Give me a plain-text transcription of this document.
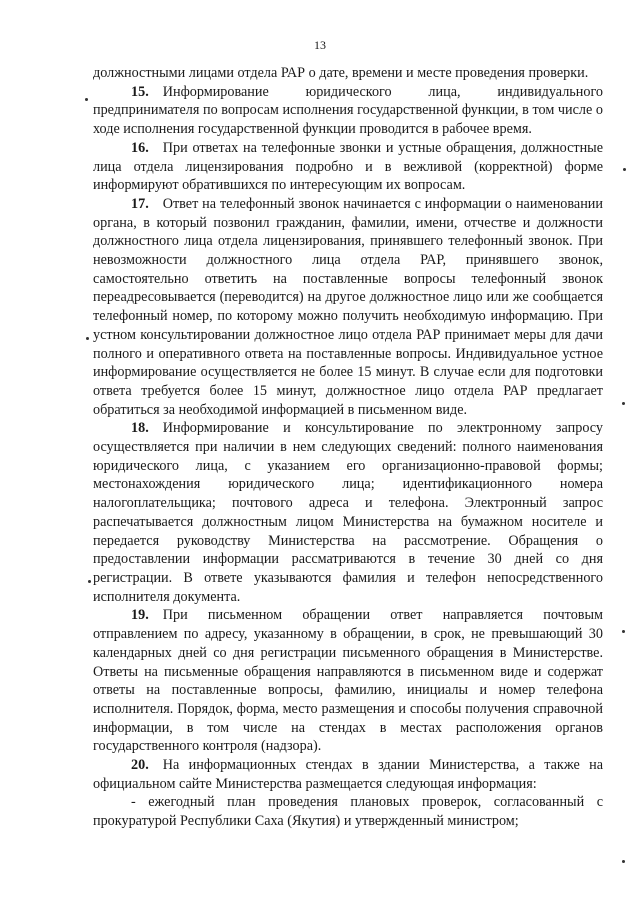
13

должностными лицами отдела РАР о дате, времени и месте проведения проверки.

15. Информирование юридического лица, индивидуального предпринимателя по вопросам исполнения государственной функции, в том числе о ходе исполнения государственной функции проводится в рабочее время.

16. При ответах на телефонные звонки и устные обращения, должностные лица отдела лицензирования подробно и в вежливой (корректной) форме информируют обратившихся по интересующим их вопросам.

17. Ответ на телефонный звонок начинается с информации о наименовании органа, в который позвонил гражданин, фамилии, имени, отчестве и должности должностного лица отдела лицензирования, принявшего телефонный звонок. При невозможности должностного лица отдела РАР, принявшего звонок, самостоятельно ответить на поставленные вопросы телефонный звонок переадресовывается (переводится) на другое должностное лицо или же сообщается телефонный номер, по которому можно получить необходимую информацию. При устном консультировании должностное лицо отдела РАР принимает меры для дачи полного и оперативного ответа на поставленные вопросы. Индивидуальное устное информирование осуществляется не более 15 минут. В случае если для подготовки ответа требуется более 15 минут, должностное лицо отдела РАР предлагает обратиться за необходимой информацией в письменном виде.

18. Информирование и консультирование по электронному запросу осуществляется при наличии в нем следующих сведений: полного наименования юридического лица, с указанием его организационно-правовой формы; местонахождения юридического лица; идентификационного номера налогоплательщика; почтового адреса и телефона. Электронный запрос распечатывается должностным лицом Министерства на бумажном носителе и передается руководству Министерства на рассмотрение. Обращения о предоставлении информации рассматриваются в течение 30 дней со дня регистрации. В ответе указываются фамилия и телефон непосредственного исполнителя документа.

19. При письменном обращении ответ направляется почтовым отправлением по адресу, указанному в обращении, в срок, не превышающий 30 календарных дней со дня регистрации письменного обращения в Министерстве. Ответы на письменные обращения направляются в письменном виде и содержат ответы на поставленные вопросы, фамилию, инициалы и номер телефона исполнителя. Порядок, форма, место размещения и способы получения справочной информации, в том числе на стендах в местах расположения органов государственного контроля (надзора).

20. На информационных стендах в здании Министерства, а также на официальном сайте Министерства размещается следующая информация:

- ежегодный план проведения плановых проверок, согласованный с прокуратурой Республики Саха (Якутия) и утвержденный министром;
